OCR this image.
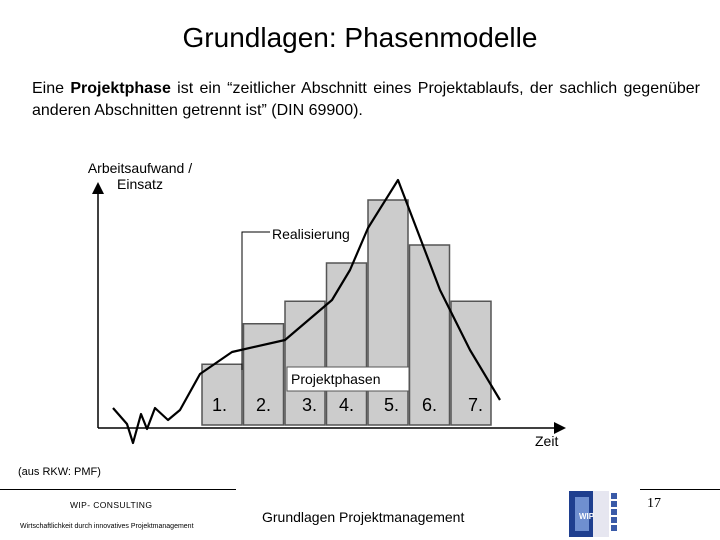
Grundlagen: Phasenmodelle
Eine Projektphase ist ein “zeitlicher Abschnitt eines Projektablaufs, der sachlich gegenüber anderen Abschnitten getrennt ist” (DIN 69900).
Arbeitsaufwand /
Einsatz
Realisierung
Projektphasen
Zeit
1. 2. 3. 4. 5. 6. 7.
(aus RKW: PMF)
WIP- CONSULTING
Wirtschaftlichkeit durch innovatives Projektmanagement
Grundlagen Projektmanagement
17
WIP
